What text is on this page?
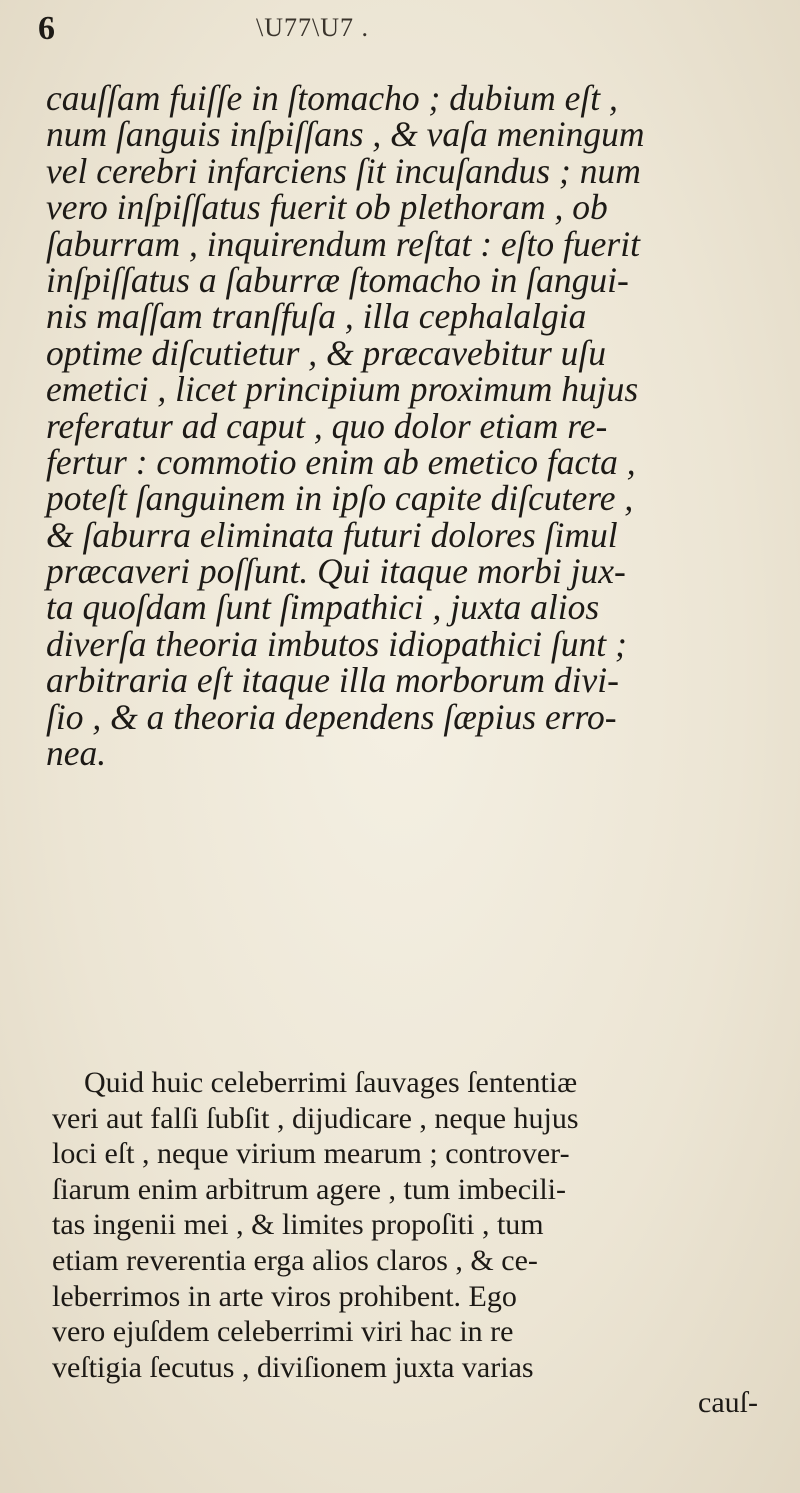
6	\U77\U7 .
cauſſam fuiſſe in ſtomacho ; dubium eſt ,
num ſanguis inſpiſſans , & vaſa meningum
vel cerebri infarciens ſit incuſandus ; num
vero inſpiſſatus fuerit ob plethoram , ob
ſaburram , inquirendum reſtat : eſto fuerit
inſpiſſatus a ſaburræ ſtomacho in ſangui-
nis maſſam tranſfuſa , illa cephalalgia
optime diſcutietur , & præcavebitur uſu
emetici , licet principium proximum hujus
referatur ad caput , quo dolor etiam re-
fertur : commotio enim ab emetico facta ,
poteſt ſanguinem in ipſo capite diſcutere ,
& ſaburra eliminata futuri dolores ſimul
præcaveri poſſunt. Qui itaque morbi jux-
ta quoſdam ſunt ſimpathici , juxta alios
diverſa theoria imbutos idiopathici ſunt ;
arbitraria eſt itaque illa morborum divi-
ſio , & a theoria dependens ſæpius erro-
nea.
Quid huic celeberrimi ſauvages ſententiæ
veri aut falſi ſubſit , dijudicare , neque hujus
loci eſt , neque virium mearum ; controver-
ſiarum enim arbitrum agere , tum imbecili-
tas ingenii mei , & limites propoſiti , tum
etiam reverentia erga alios claros , & ce-
leberrimos in arte viros prohibent. Ego
vero ejuſdem celeberrimi viri hac in re
veſtigia ſecutus , diviſionem juxta varias
cauſ-
